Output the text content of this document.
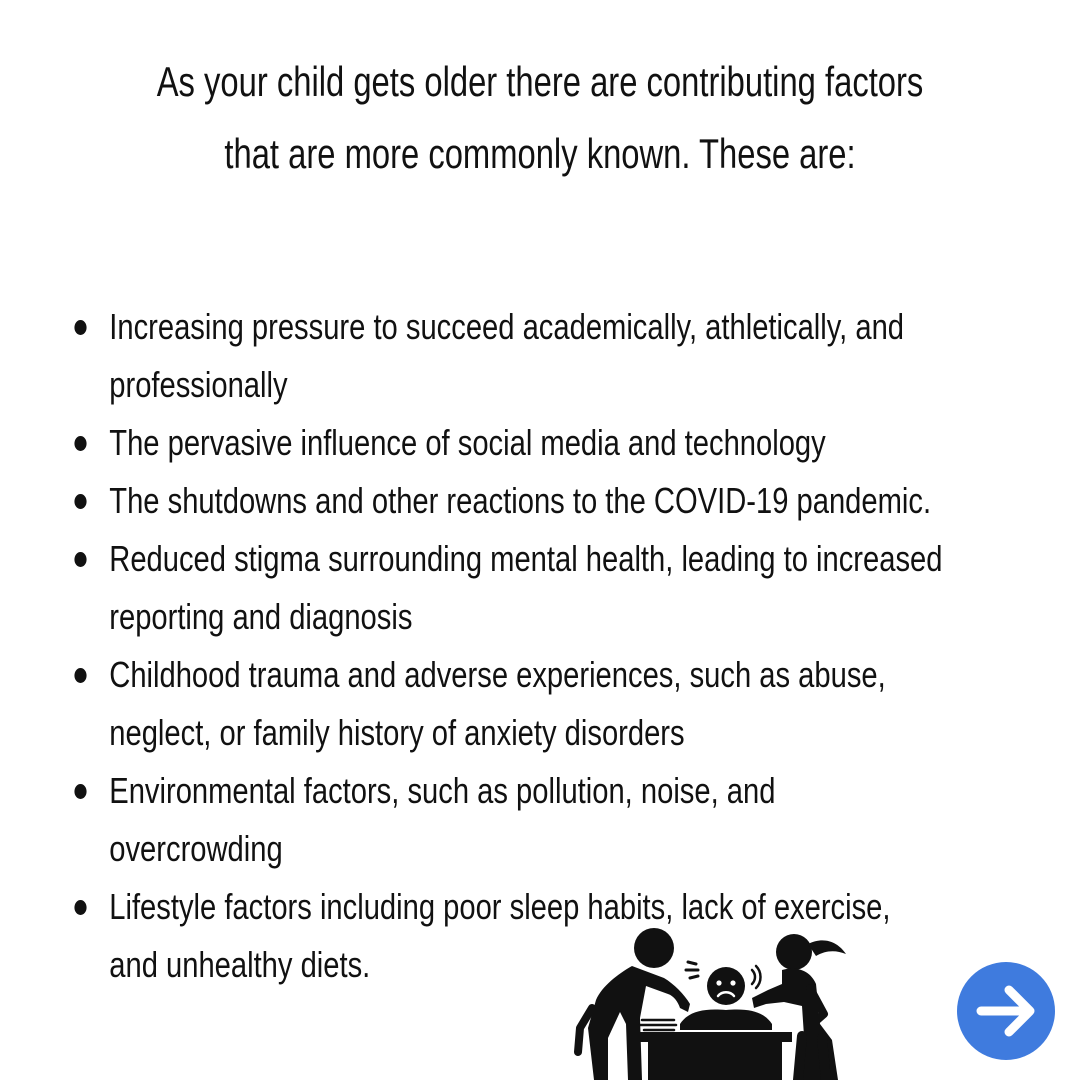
As your child gets older there are contributing factors
that are more commonly known. These are:
Increasing pressure to succeed academically, athletically, and
professionally
The pervasive influence of social media and technology
The shutdowns and other reactions to the COVID-19 pandemic.
Reduced stigma surrounding mental health, leading to increased
reporting and diagnosis
Childhood trauma and adverse experiences, such as abuse,
neglect, or family history of anxiety disorders
Environmental factors, such as pollution, noise, and
overcrowding
Lifestyle factors including poor sleep habits, lack of exercise,
and unhealthy diets.
